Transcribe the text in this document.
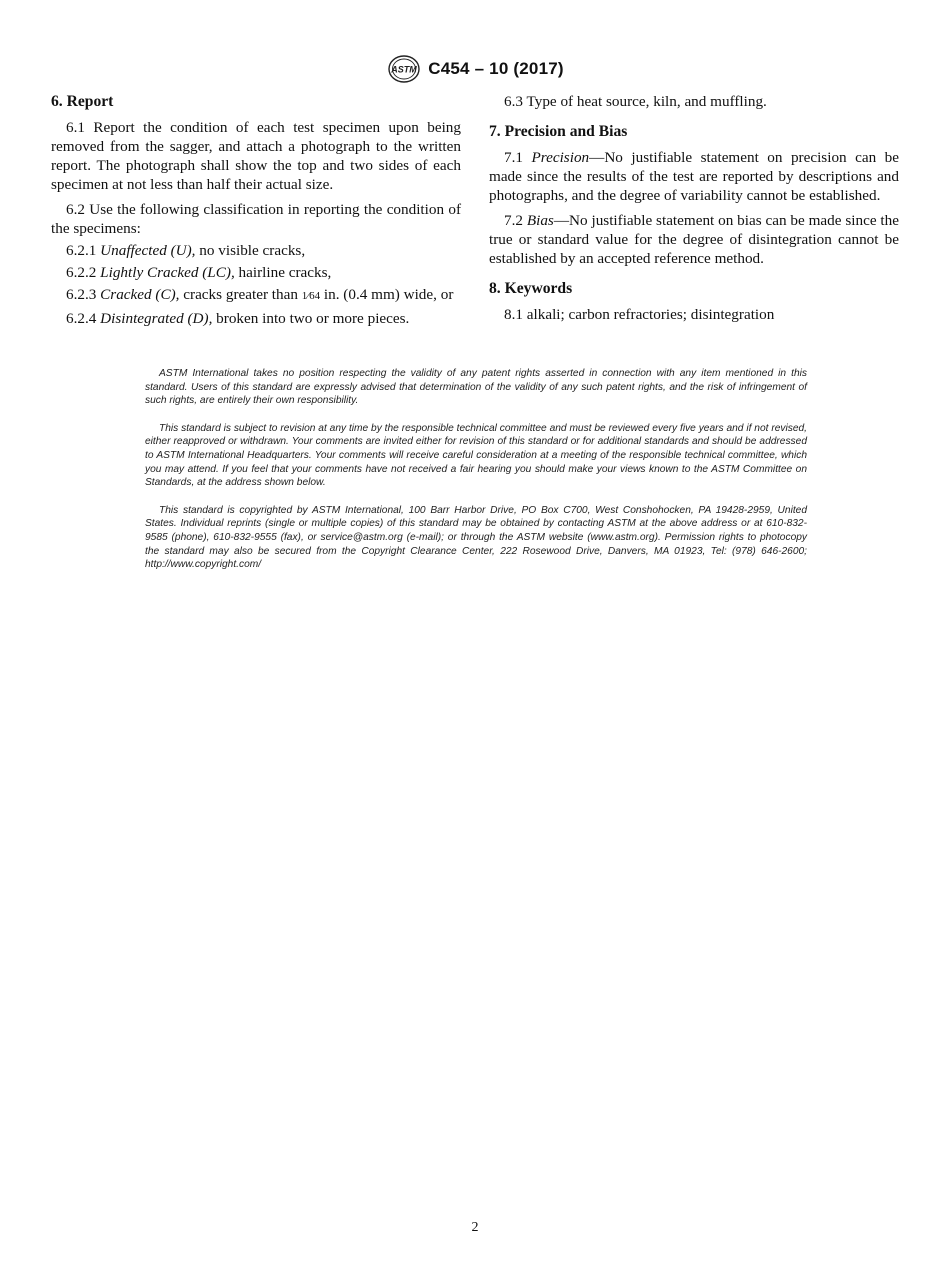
ASTM C454 – 10 (2017)
6. Report

6.1 Report the condition of each test specimen upon being removed from the sagger, and attach a photograph to the written report. The photograph shall show the top and two sides of each specimen at not less than half their actual size.

6.2 Use the following classification in reporting the condition of the specimens:

6.2.1 Unaffected (U), no visible cracks,

6.2.2 Lightly Cracked (LC), hairline cracks,

6.2.3 Cracked (C), cracks greater than 1⁄64 in. (0.4 mm) wide, or

6.2.4 Disintegrated (D), broken into two or more pieces.

6.3 Type of heat source, kiln, and muffling.

7. Precision and Bias

7.1 Precision—No justifiable statement on precision can be made since the results of the test are reported by descriptions and photographs, and the degree of variability cannot be established.

7.2 Bias—No justifiable statement on bias can be made since the true or standard value for the degree of disintegration cannot be established by an accepted reference method.

8. Keywords

8.1 alkali; carbon refractories; disintegration

ASTM International takes no position respecting the validity of any patent rights asserted in connection with any item mentioned in this standard. Users of this standard are expressly advised that determination of the validity of any such patent rights, and the risk of infringement of such rights, are entirely their own responsibility.

This standard is subject to revision at any time by the responsible technical committee and must be reviewed every five years and if not revised, either reapproved or withdrawn. Your comments are invited either for revision of this standard or for additional standards and should be addressed to ASTM International Headquarters. Your comments will receive careful consideration at a meeting of the responsible technical committee, which you may attend. If you feel that your comments have not received a fair hearing you should make your views known to the ASTM Committee on Standards, at the address shown below.

This standard is copyrighted by ASTM International, 100 Barr Harbor Drive, PO Box C700, West Conshohocken, PA 19428-2959, United States. Individual reprints (single or multiple copies) of this standard may be obtained by contacting ASTM at the above address or at 610-832-9585 (phone), 610-832-9555 (fax), or service@astm.org (e-mail); or through the ASTM website (www.astm.org). Permission rights to photocopy the standard may also be secured from the Copyright Clearance Center, 222 Rosewood Drive, Danvers, MA 01923, Tel: (978) 646-2600; http://www.copyright.com/

2
